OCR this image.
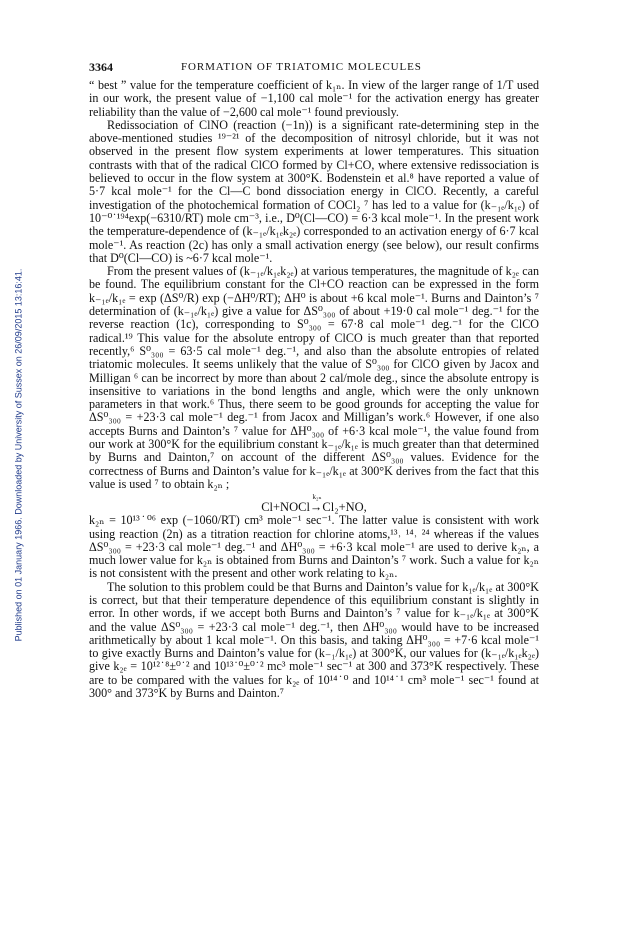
Published on 01 January 1966. Downloaded by University of Sussex on 26/09/2015 13:16:41.
3364	FORMATION OF TRIATOMIC MOLECULES

“ best ” value for the temperature coefficient of k₁ₙ. In view of the larger range of 1/T used in our work, the present value of −1,100 cal mole⁻¹ for the activation energy has greater reliability than the value of −2,600 cal mole⁻¹ found previously.

Redissociation of ClNO (reaction (−1n)) is a significant rate-determining step in the above-mentioned studies ¹⁹⁻²¹ of the decomposition of nitrosyl chloride, but it was not observed in the present flow system experiments at lower temperatures. This situation contrasts with that of the radical ClCO formed by Cl+CO, where extensive redissociation is believed to occur in the flow system at 300°K. Bodenstein et al.⁸ have reported a value of 5·7 kcal mole⁻¹ for the Cl—C bond dissociation energy in ClCO. Recently, a careful investigation of the photochemical formation of COCl₂ ⁷ has led to a value for (k₋₁ₑ/k₁ₑ) of 10⁻⁰˙¹⁹⁴exp(−6310/RT) mole cm⁻³, i.e., D⁰(Cl—CO) = 6·3 kcal mole⁻¹. In the present work the temperature-dependence of (k₋₁ₑ/k₁ₑk₂ₑ) corresponded to an activation energy of 6·7 kcal mole⁻¹. As reaction (2c) has only a small activation energy (see below), our result confirms that D⁰(Cl—CO) is ~6·7 kcal mole⁻¹.

From the present values of (k₋₁ₑ/k₁ₑk₂ₑ) at various temperatures, the magnitude of k₂ₑ can be found. The equilibrium constant for the Cl+CO reaction can be expressed in the form k₋₁ₑ/k₁ₑ = exp (ΔS⁰/R) exp (−ΔH⁰/RT); ΔH⁰ is about +6 kcal mole⁻¹. Burns and Dainton’s ⁷ determination of (k₋₁ₑ/k₁ₑ) give a value for ΔS⁰₃₀₀ of about +19·0 cal mole⁻¹ deg.⁻¹ for the reverse reaction (1c), corresponding to S⁰₃₀₀ = 67·8 cal mole⁻¹ deg.⁻¹ for the ClCO radical.¹⁹ This value for the absolute entropy of ClCO is much greater than that reported recently,⁶ S⁰₃₀₀ = 63·5 cal mole⁻¹ deg.⁻¹, and also than the absolute entropies of related triatomic molecules. It seems unlikely that the value of S⁰₃₀₀ for ClCO given by Jacox and Milligan ⁶ can be incorrect by more than about 2 cal/mole deg., since the absolute entropy is insensitive to variations in the bond lengths and angle, which were the only unknown parameters in that work.⁶ Thus, there seem to be good grounds for accepting the value for ΔS⁰₃₀₀ = +23·3 cal mole⁻¹ deg.⁻¹ from Jacox and Milligan’s work.⁶ However, if one also accepts Burns and Dainton’s ⁷ value for ΔH⁰₃₀₀ of +6·3 kcal mole⁻¹, the value found from our work at 300°K for the equilibrium constant k₋₁ₑ/k₁ₑ is much greater than that determined by Burns and Dainton,⁷ on account of the different ΔS⁰₃₀₀ values. Evidence for the correctness of Burns and Dainton’s value for k₋₁ₑ/k₁ₑ at 300°K derives from the fact that this value is used ⁷ to obtain k₂ₙ ;

k₂ₙ
Cl+NOCl→Cl₂+NO,

k₂ₙ = 10¹³˙⁰⁶ exp (−1060/RT) cm³ mole⁻¹ sec⁻¹. The latter value is consistent with work using reaction (2n) as a titration reaction for chlorine atoms,¹³˒ ¹⁴˒ ²⁴ whereas if the values ΔS⁰₃₀₀ = +23·3 cal mole⁻¹ deg.⁻¹ and ΔH⁰₃₀₀ = +6·3 kcal mole⁻¹ are used to derive k₂ₙ, a much lower value for k₂ₙ is obtained from Burns and Dainton’s ⁷ work. Such a value for k₂ₙ is not consistent with the present and other work relating to k₂ₙ.

The solution to this problem could be that Burns and Dainton’s value for k₁ₑ/k₁ₑ at 300°K is correct, but that their temperature dependence of this equilibrium constant is slightly in error. In other words, if we accept both Burns and Dainton’s ⁷ value for k₋₁ₑ/k₁ₑ at 300°K and the value ΔS⁰₃₀₀ = +23·3 cal mole⁻¹ deg.⁻¹, then ΔH⁰₃₀₀ would have to be increased arithmetically by about 1 kcal mole⁻¹. On this basis, and taking ΔH⁰₃₀₀ = +7·6 kcal mole⁻¹ to give exactly Burns and Dainton’s value for (k₋₁/k₁ₑ) at 300°K, our values for (k₋₁ₑ/k₁ₑk₂ₑ) give k₂ₑ = 10¹²˙⁸±⁰˙² and 10¹³˙⁰±⁰˙² mc³ mole⁻¹ sec⁻¹ at 300 and 373°K respectively. These are to be compared with the values for k₂ₑ of 10¹⁴˙⁰ and 10¹⁴˙¹ cm³ mole⁻¹ sec⁻¹ found at 300° and 373°K by Burns and Dainton.⁷
